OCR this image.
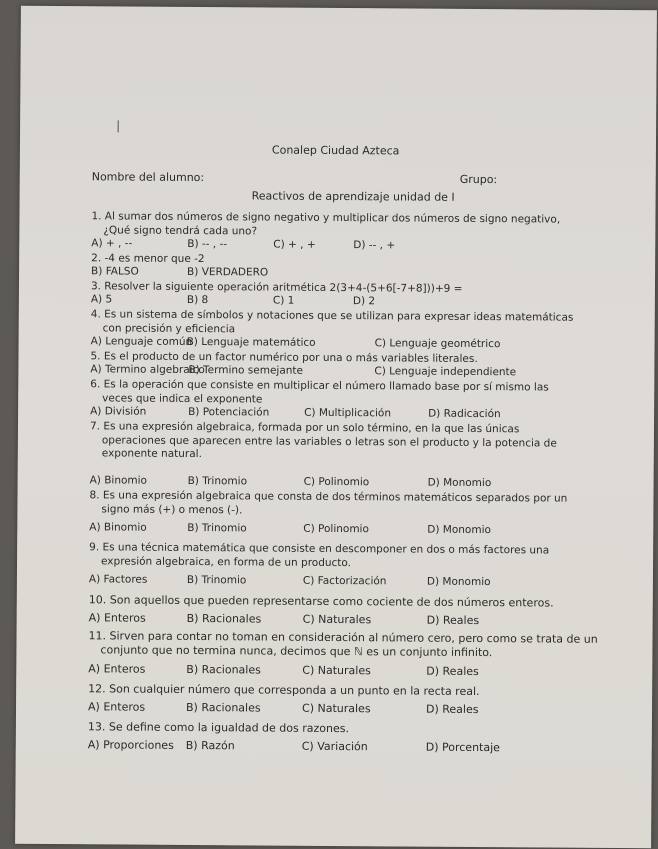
|
Conalep Ciudad Azteca
Nombre del alumno:	Grupo:
Reactivos de aprendizaje unidad de I
1. Al sumar dos números de signo negativo y multiplicar dos números de signo negativo,
¿Qué signo tendrá cada uno?
A) + , --	B) -- , --	C) + , +	D) -- , +
2. -4 es menor que -2
B) FALSO	B) VERDADERO
3. Resolver la siguiente operación aritmética 2(3+4-(5+6[-7+8]))+9 =
A) 5	B) 8	C) 1	D) 2
4. Es un sistema de símbolos y notaciones que se utilizan para expresar ideas matemáticas
con precisión y eficiencia
A) Lenguaje común
B) Lenguaje matemático	C) Lenguaje geométrico
5. Es el producto de un factor numérico por una o más variables literales.
A) Termino algebraico
B) Termino semejante	C) Lenguaje independiente
6. Es la operación que consiste en multiplicar el número llamado base por sí mismo las
veces que indica el exponente
A) División	B) Potenciación	C) Multiplicación	D) Radicación
7. Es una expresión algebraica, formada por un solo término, en la que las únicas
operaciones que aparecen entre las variables o letras son el producto y la potencia de
exponente natural.
A) Binomio	B) Trinomio	C) Polinomio	D) Monomio
8. Es una expresión algebraica que consta de dos términos matemáticos separados por un
signo más (+) o menos (-).
A) Binomio	B) Trinomio	C) Polinomio	D) Monomio
9. Es una técnica matemática que consiste en descomponer en dos o más factores una
expresión algebraica, en forma de un producto.
A) Factores	B) Trinomio	C) Factorización	D) Monomio
10. Son aquellos que pueden representarse como cociente de dos números enteros.
A) Enteros	B) Racionales	C) Naturales	D) Reales
11. Sirven para contar no toman en consideración al número cero, pero como se trata de un
conjunto que no termina nunca, decimos que ℕ es un conjunto infinito.
A) Enteros	B) Racionales	C) Naturales	D) Reales
12. Son cualquier número que corresponda a un punto en la recta real.
A) Enteros	B) Racionales	C) Naturales	D) Reales
13. Se define como la igualdad de dos razones.
A) Proporciones B) Razón	C) Variación	D) Porcentaje
